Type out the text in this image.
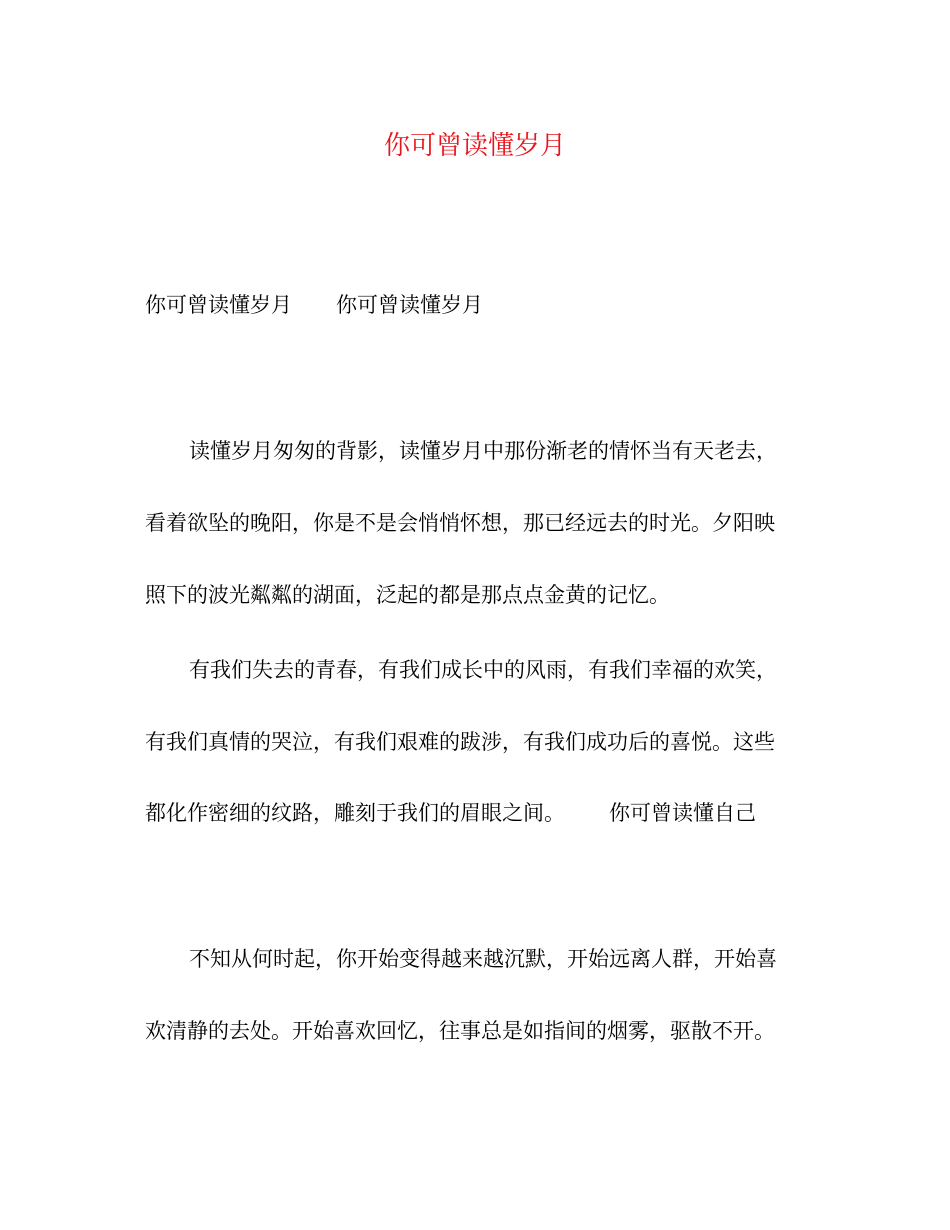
你可曾读懂岁月

你可曾读懂岁月 你可曾读懂岁月

读懂岁月匆匆的背影，读懂岁月中那份渐老的情怀当有天老去，

看着欲坠的晚阳，你是不是会悄悄怀想，那已经远去的时光。夕阳映

照下的波光粼粼的湖面，泛起的都是那点点金黄的记忆。

有我们失去的青春，有我们成长中的风雨，有我们幸福的欢笑，

有我们真情的哭泣，有我们艰难的跋涉，有我们成功后的喜悦。这些

都化作密细的纹路，雕刻于我们的眉眼之间。 你可曾读懂自己

不知从何时起，你开始变得越来越沉默，开始远离人群，开始喜

欢清静的去处。开始喜欢回忆，往事总是如指间的烟雾，驱散不开。
